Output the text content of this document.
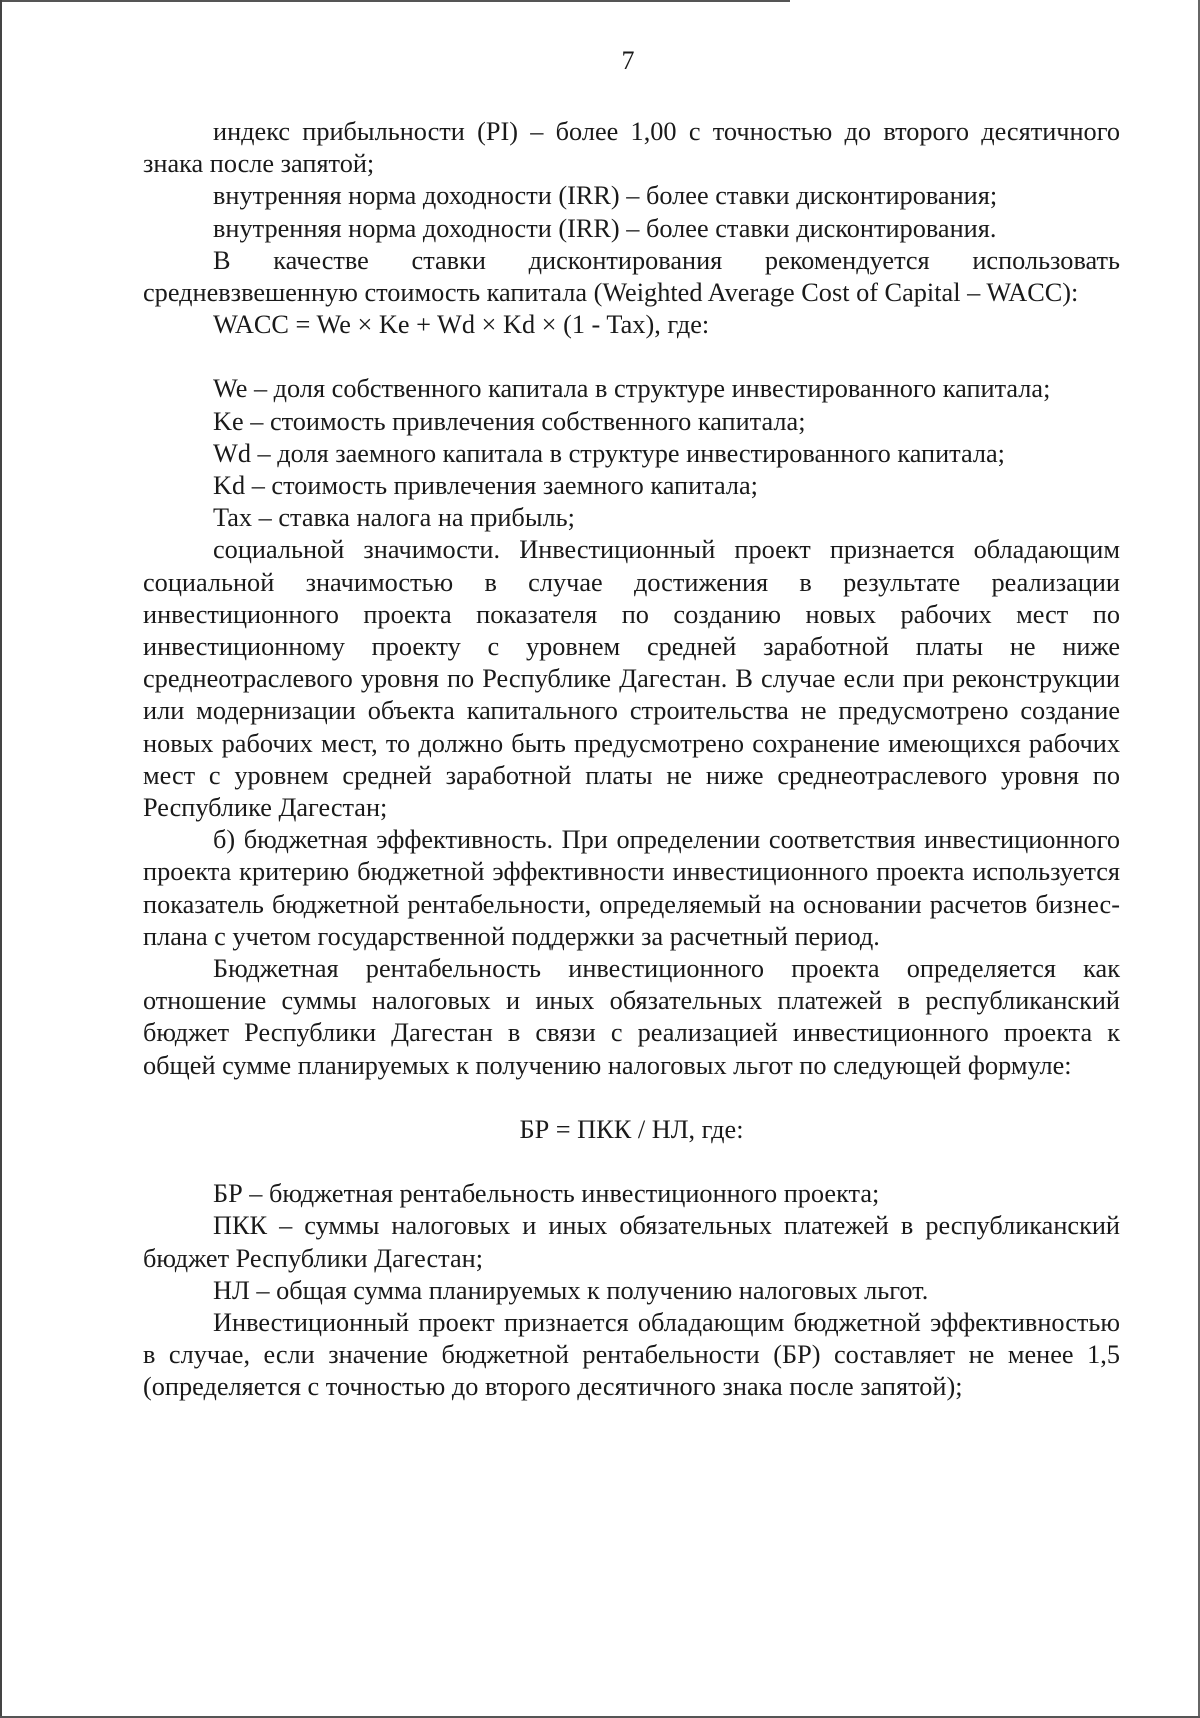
7

индекс прибыльности (PI) – более 1,00 с точностью до второго десятичного знака после запятой;

внутренняя норма доходности (IRR) – более ставки дисконтирования;

внутренняя норма доходности (IRR) – более ставки дисконтирования.

В качестве ставки дисконтирования рекомендуется использовать средневзвешенную стоимость капитала (Weighted Average Cost of Capital – WACC):

WACC = We × Ke + Wd × Kd × (1 - Tax), где:

We – доля собственного капитала в структуре инвестированного капитала;

Ke – стоимость привлечения собственного капитала;

Wd – доля заемного капитала в структуре инвестированного капитала;

Kd – стоимость привлечения заемного капитала;

Tax – ставка налога на прибыль;

социальной значимости. Инвестиционный проект признается обладающим социальной значимостью в случае достижения в результате реализации инвестиционного проекта показателя по созданию новых рабочих мест по инвестиционному проекту с уровнем средней заработной платы не ниже среднеотраслевого уровня по Республике Дагестан. В случае если при реконструкции или модернизации объекта капитального строительства не предусмотрено создание новых рабочих мест, то должно быть предусмотрено сохранение имеющихся рабочих мест с уровнем средней заработной платы не ниже среднеотраслевого уровня по Республике Дагестан;

б) бюджетная эффективность. При определении соответствия инвестиционного проекта критерию бюджетной эффективности инвестиционного проекта используется показатель бюджетной рентабельности, определяемый на основании расчетов бизнес-плана с учетом государственной поддержки за расчетный период.

Бюджетная рентабельность инвестиционного проекта определяется как отношение суммы налоговых и иных обязательных платежей в республиканский бюджет Республики Дагестан в связи с реализацией инвестиционного проекта к общей сумме планируемых к получению налоговых льгот по следующей формуле:

БР = ПКК / НЛ, где:

БР – бюджетная рентабельность инвестиционного проекта;

ПКК – суммы налоговых и иных обязательных платежей в республиканский бюджет Республики Дагестан;

НЛ – общая сумма планируемых к получению налоговых льгот.

Инвестиционный проект признается обладающим бюджетной эффективностью в случае, если значение бюджетной рентабельности (БР) составляет не менее 1,5 (определяется с точностью до второго десятичного знака после запятой);
